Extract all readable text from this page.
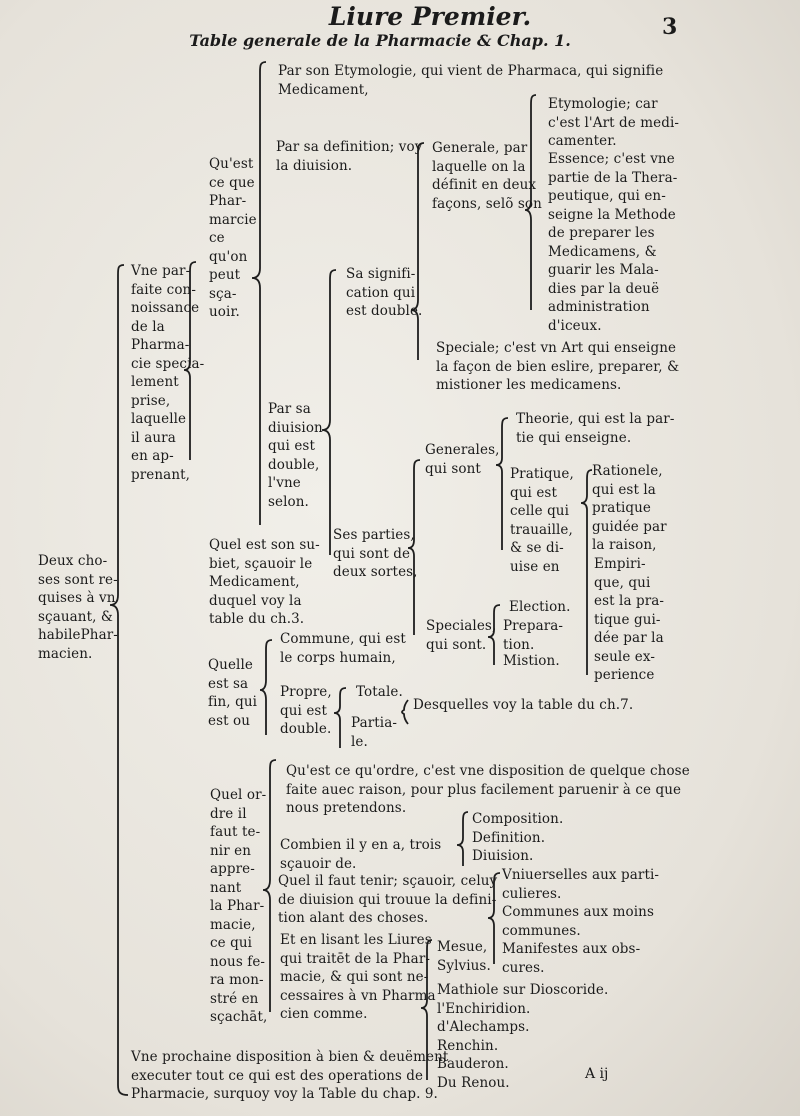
Liure Premier.
Table generale de la Pharmacie & Chap. 1.
3
Deux cho-
ses sont re-
quises à vn
sçauant, &
habilePhar-
macien.
Vne par-
faite con-
noissance
de la
Pharma-
cie specia-
lement
prise,
laquelle
il aura
en ap-
prenant,
Qu'est
ce que
Phar-
marcie
ce
qu'on
peut
sça-
uoir.
Par son Etymologie, qui vient de Pharmaca, qui signifie
Medicament,
Par sa definition; voy
la diuision.
Par sa
diuision
qui est
double,
l'vne
selon.
Sa signifi-
cation qui
est double.
Generale, par
laquelle on la
définit en deux
façons, selõ son
Etymologie; car
c'est l'Art de medi-
camenter.
Essence; c'est vne
partie de la Thera-
peutique, qui en-
seigne la Methode
de preparer les
Medicamens, &
guarir les Mala-
dies par la deuë
administration
d'iceux.
Speciale; c'est vn Art qui enseigne
la façon de bien eslire, preparer, &
mistioner les medicamens.
Ses parties,
qui sont de
deux sortes,
Generales,
qui sont
Theorie, qui est la par-
tie qui enseigne.
Pratique,
qui est
celle qui
trauaille,
& se di-
uise en
Rationele,
qui est la
pratique
guidée par
la raison,
Empiri-
que, qui
est la pra-
tique gui-
dée par la
seule ex-
perience
Speciales,
qui sont.
Election.
Prepara-
tion.
Mistion.
Quel est son su-
biet, sçauoir le
Medicament,
duquel voy la
table du ch.3.
Quelle
est sa
fin, qui
est ou
Commune, qui est
le corps humain,
Propre,
qui est
double.
Totale.
Partia-
le.
Desquelles voy la table du ch.7.
Quel or-
dre il
faut te-
nir en
appre-
nant
la Phar-
macie,
ce qui
nous fe-
ra mon-
stré en
sçachāt,
Qu'est ce qu'ordre, c'est vne disposition de quelque chose
faite auec raison, pour plus facilement paruenir à ce que
nous pretendons.
Combien il y en a, trois
sçauoir de.
Composition.
Definition.
Diuision.
Quel il faut tenir; sçauoir, celuy
de diuision qui trouue la defini-
tion alant des choses.
Vniuerselles aux parti-
culieres.
Communes aux moins
communes.
Manifestes aux obs-
cures.
Et en lisant les Liures
qui traitēt de la Phar-
macie, & qui sont ne-
cessaires à vn Pharma
cien comme.
Mesue,
Sylvius.
Mathiole sur Dioscoride.
l'Enchiridion.
d'Alechamps.
Renchin.
Bauderon.
Du Renou.
Vne prochaine disposition à bien & deuëment
executer tout ce qui est des operations de
Pharmacie, surquoy voy la Table du chap. 9.
A ij
